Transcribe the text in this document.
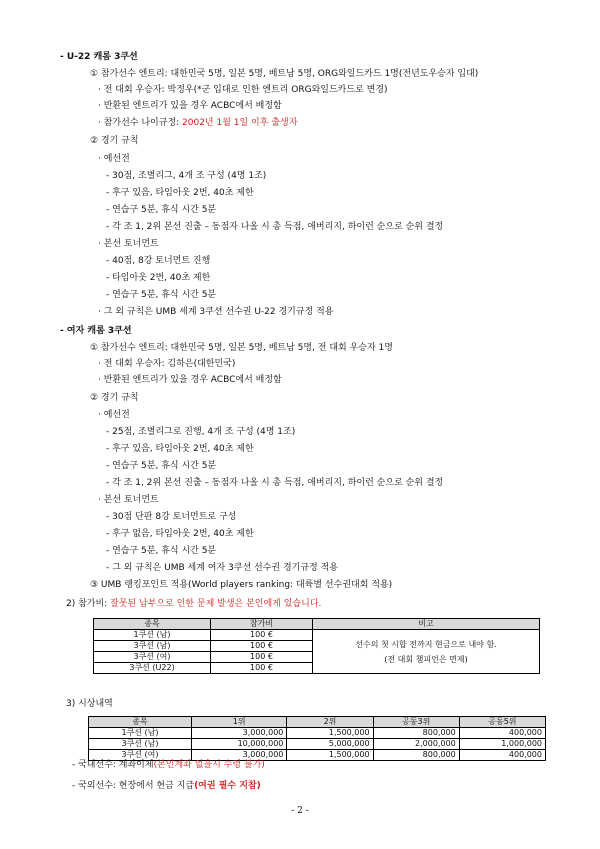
- U-22 캐롬 3쿠션
① 참가선수 엔트리: 대한민국 5명, 일본 5명, 베트남 5명, ORG와일드카드 1명(전년도우승자 입대)
· 전 대회 우승자: 박정우(*군 입대로 인한 엔트리 ORG와일드카드로 변경)
· 반환된 엔트리가 있을 경우 ACBC에서 배정함
· 참가선수 나이규정: 2002년 1월 1일 이후 출생자
② 경기 규칙
· 예선전
- 30점, 조별리그, 4개 조 구성 (4명 1조)
- 후구 있음, 타임아웃 2번, 40초 제한
- 연습구 5분, 휴식 시간 5분
- 각 조 1, 2위 본선 진출 – 동점자 나올 시 총 득점, 애버리지, 하이런 순으로 순위 결정
· 본선 토너먼트
- 40점, 8강 토너먼트 진행
- 타임아웃 2번, 40초 제한
- 연습구 5분, 휴식 시간 5분
· 그 외 규칙은 UMB 세계 3쿠션 선수권 U-22 경기규정 적용
- 여자 캐롬 3쿠션
① 참가선수 엔트리: 대한민국 5명, 일본 5명, 베트남 5명, 전 대회 우승자 1명
· 전 대회 우승자: 김하은(대한민국)
· 반환된 엔트리가 있을 경우 ACBC에서 배정함
② 경기 규칙
· 예선전
- 25점, 조별리그로 진행, 4개 조 구성 (4명 1조)
- 후구 있음, 타임아웃 2번, 40초 제한
- 연습구 5분, 휴식 시간 5분
- 각 조 1, 2위 본선 진출 – 동점자 나올 시 총 득점, 애버리지, 하이런 순으로 순위 결정
· 본선 토너먼트
- 30점 단판 8강 토너먼트로 구성
- 후구 없음, 타임아웃 2번, 40초 제한
- 연습구 5분, 휴식 시간 5분
- 그 외 규칙은 UMB 세계 여자 3쿠션 선수권 경기규정 적용
③ UMB 랭킹포인트 적용(World players ranking: 대륙별 선수권대회 적용)
2) 참가비: 잘못된 납부으로 인한 문제 발생은 본인에게 있습니다.
종목	참가비	비고
1쿠션 (남)	100 €	선수의 첫 시합 전까지 현금으로 내야 함.
(전 대회 챔피언은 면제)

3쿠션 (남)	100 €	
3쿠션 (여)	100 €	
3쿠션 (U22)	100 €	
3) 시상내역
종목	1위	2위	공동3위	공동5위
1쿠션 (남)	3,000,000	1,500,000	800,000	400,000
3쿠션 (남)	10,000,000	5,000,000	2,000,000	1,000,000
3쿠션 (여)	3,000,000	1,500,000	800,000	400,000
- 국내선수: 계좌이체(본인계좌 없을시 수령 불가)
- 국외선수: 현장에서 현금 지급(여권 필수 지참)
- 2 -
